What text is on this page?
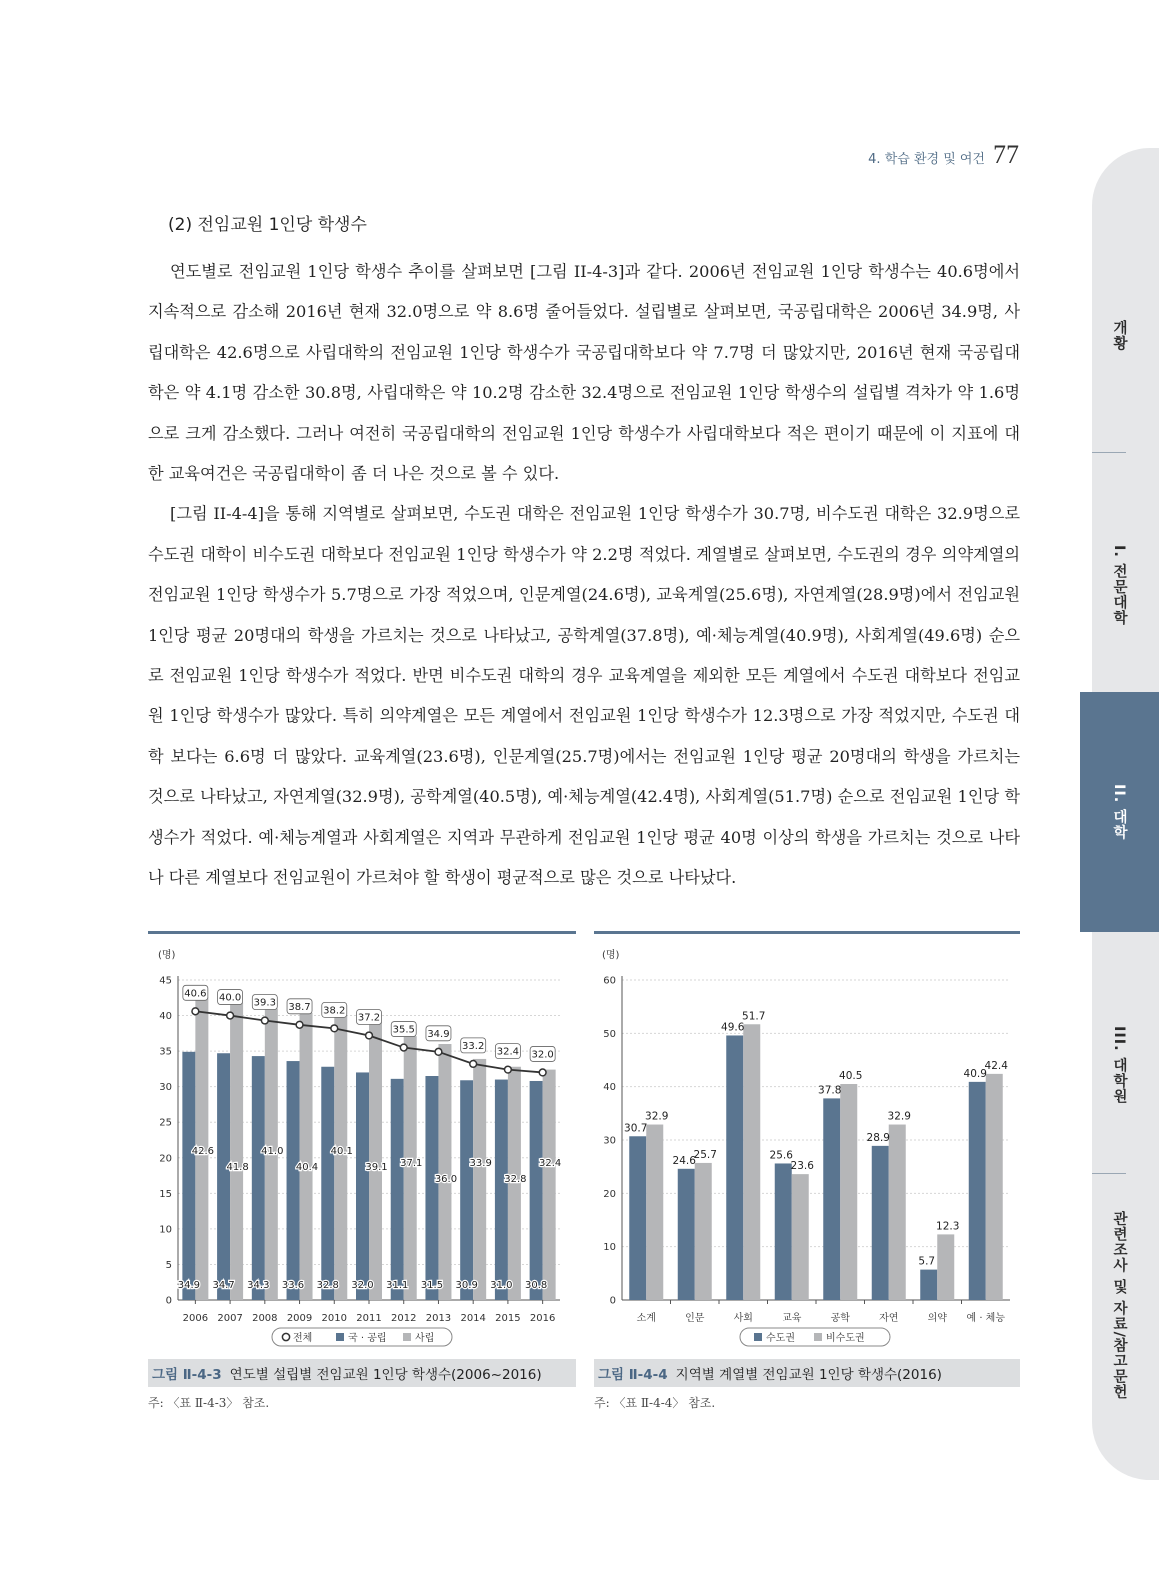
4. 학습 환경 및 여건 77
(2) 전임교원 1인당 학생수

연도별로 전임교원 1인당 학생수 추이를 살펴보면 [그림 II-4-3]과 같다. 2006년 전임교원 1인당 학생수는 40.6명에서 지속적으로 감소해 2016년 현재 32.0명으로 약 8.6명 줄어들었다. 설립별로 살펴보면, 국공립대학은 2006년 34.9명, 사립대학은 42.6명으로 사립대학의 전임교원 1인당 학생수가 국공립대학보다 약 7.7명 더 많았지만, 2016년 현재 국공립대학은 약 4.1명 감소한 30.8명, 사립대학은 약 10.2명 감소한 32.4명으로 전임교원 1인당 학생수의 설립별 격차가 약 1.6명으로 크게 감소했다. 그러나 여전히 국공립대학의 전임교원 1인당 학생수가 사립대학보다 적은 편이기 때문에 이 지표에 대한 교육여건은 국공립대학이 좀 더 나은 것으로 볼 수 있다.

[그림 II-4-4]을 통해 지역별로 살펴보면, 수도권 대학은 전임교원 1인당 학생수가 30.7명, 비수도권 대학은 32.9명으로 수도권 대학이 비수도권 대학보다 전임교원 1인당 학생수가 약 2.2명 적었다. 계열별로 살펴보면, 수도권의 경우 의약계열의 전임교원 1인당 학생수가 5.7명으로 가장 적었으며, 인문계열(24.6명), 교육계열(25.6명), 자연계열(28.9명)에서 전임교원 1인당 평균 20명대의 학생을 가르치는 것으로 나타났고, 공학계열(37.8명), 예·체능계열(40.9명), 사회계열(49.6명) 순으로 전임교원 1인당 학생수가 적었다. 반면 비수도권 대학의 경우 교육계열을 제외한 모든 계열에서 수도권 대학보다 전임교원 1인당 학생수가 많았다. 특히 의약계열은 모든 계열에서 전임교원 1인당 학생수가 12.3명으로 가장 적었지만, 수도권 대학 보다는 6.6명 더 많았다. 교육계열(23.6명), 인문계열(25.7명)에서는 전임교원 1인당 평균 20명대의 학생을 가르치는 것으로 나타났고, 자연계열(32.9명), 공학계열(40.5명), 예·체능계열(42.4명), 사회계열(51.7명) 순으로 전임교원 1인당 학생수가 적었다. 예·체능계열과 사회계열은 지역과 무관하게 전임교원 1인당 평균 40명 이상의 학생을 가르치는 것으로 나타나 다른 계열보다 전임교원이 가르쳐야 할 학생이 평균적으로 많은 것으로 나타났다.

개황
I. 전문대학
II. 대학
III. 대학원
관련조사 및 자료/참고문헌
(명)
0
5
10
15
20
25
30
35
40
45
2006
34.9
42.6
2007
34.7
41.8
2008
34.3
41.0
2009
33.6
40.4
2010
32.8
40.1
2011
32.0
39.1
2012
31.1
37.1
2013
31.5
36.0
2014
30.9
33.9
2015
31.0
32.8
2016
30.8
32.4
40.6 40.0 39.3 38.7 38.2
37.2
35.5 34.9
33.2
32.4 32.0
전체	국 · 공립	사립
그림 Ⅱ-4-3 연도별 설립별 전임교원 1인당 학생수(2006~2016)
주: 〈표 Ⅱ-4-3〉 참조.
(명)
0
10
20
30
40
50
60
소계
30.7
32.9
인문
24.6
25.7
사회
49.6
51.7
교육
25.6
23.6
공학
37.8
40.5
자연
28.9
32.9
의약
5.7
12.3
예 · 체능
40.9
42.4
수도권	비수도권
그림 Ⅱ-4-4 지역별 계열별 전임교원 1인당 학생수(2016)
주: 〈표 Ⅱ-4-4〉 참조.
